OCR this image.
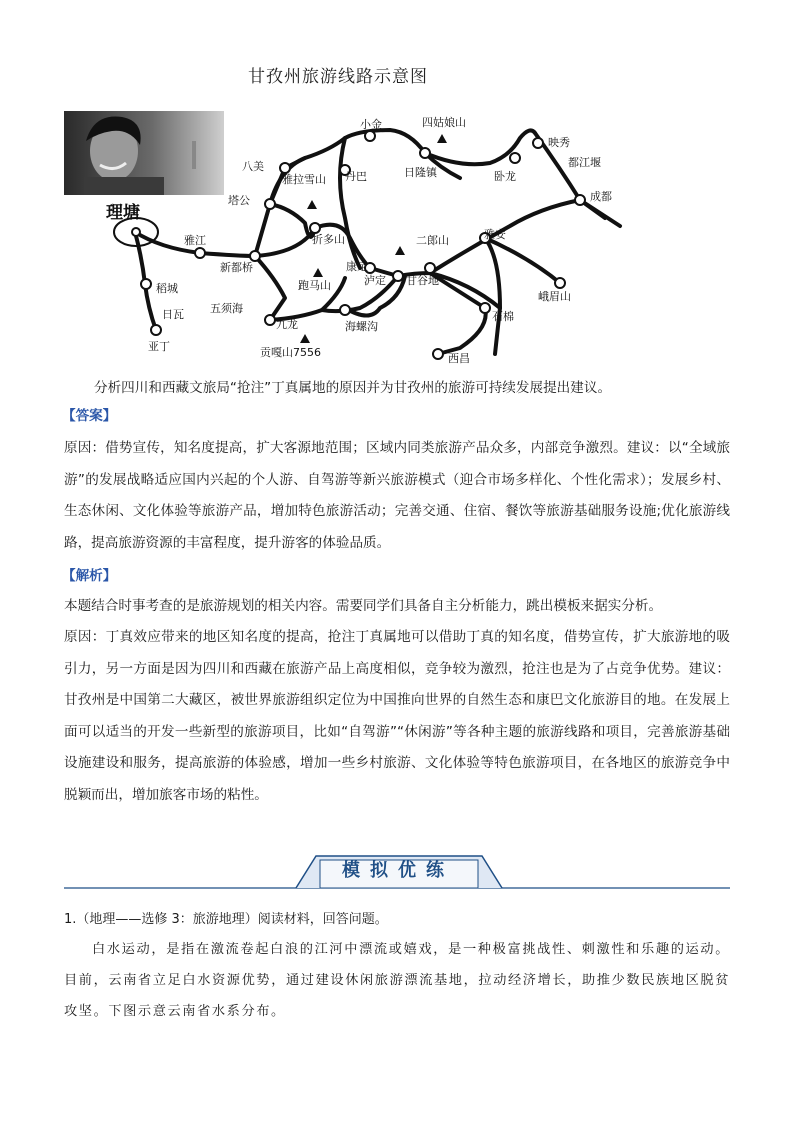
甘孜州旅游线路示意图
小金	四姑娘山
映秀
都江堰
八美
雅拉雪山 丹巴	日隆镇	卧龙
成都
塔公
理塘
雅江	折多山	二郎山	雅安
新都桥	康定
泸定 甘谷地
峨眉山
稻城	跑马山
五须海
日瓦
九龙	海螺沟
石棉
亚丁	贡嘎山7556	西昌
分析四川和西藏文旅局“抢注”丁真属地的原因并为甘孜州的旅游可持续发展提出建议。
【答案】
原因：借势宣传，知名度提高，扩大客源地范围；区域内同类旅游产品众多，内部竞争激烈。建议：以“全域旅游”的发展战略适应国内兴起的个人游、自驾游等新兴旅游模式（迎合市场多样化、个性化需求）；发展乡村、生态休闲、文化体验等旅游产品，增加特色旅游活动；完善交通、住宿、餐饮等旅游基础服务设施;优化旅游线路，提高旅游资源的丰富程度，提升游客的体验品质。
【解析】
本题结合时事考查的是旅游规划的相关内容。需要同学们具备自主分析能力，跳出模板来据实分析。
原因：丁真效应带来的地区知名度的提高，抢注丁真属地可以借助丁真的知名度，借势宣传，扩大旅游地的吸引力，另一方面是因为四川和西藏在旅游产品上高度相似，竞争较为激烈，抢注也是为了占竞争优势。建议：甘孜州是中国第二大藏区，被世界旅游组织定位为中国推向世界的自然生态和康巴文化旅游目的地。在发展上面可以适当的开发一些新型的旅游项目，比如“自驾游”“休闲游”等各种主题的旅游线路和项目，完善旅游基础设施建设和服务，提高旅游的体验感，增加一些乡村旅游、文化体验等特色旅游项目，在各地区的旅游竞争中脱颖而出，增加旅客市场的粘性。
模拟优练
1.（地理——选修 3：旅游地理）阅读材料，回答问题。
白水运动，是指在激流卷起白浪的江河中漂流或嬉戏，是一种极富挑战性、刺激性和乐趣的运动。目前，云南省立足白水资源优势，通过建设休闲旅游漂流基地，拉动经济增长，助推少数民族地区脱贫攻坚。下图示意云南省水系分布。
